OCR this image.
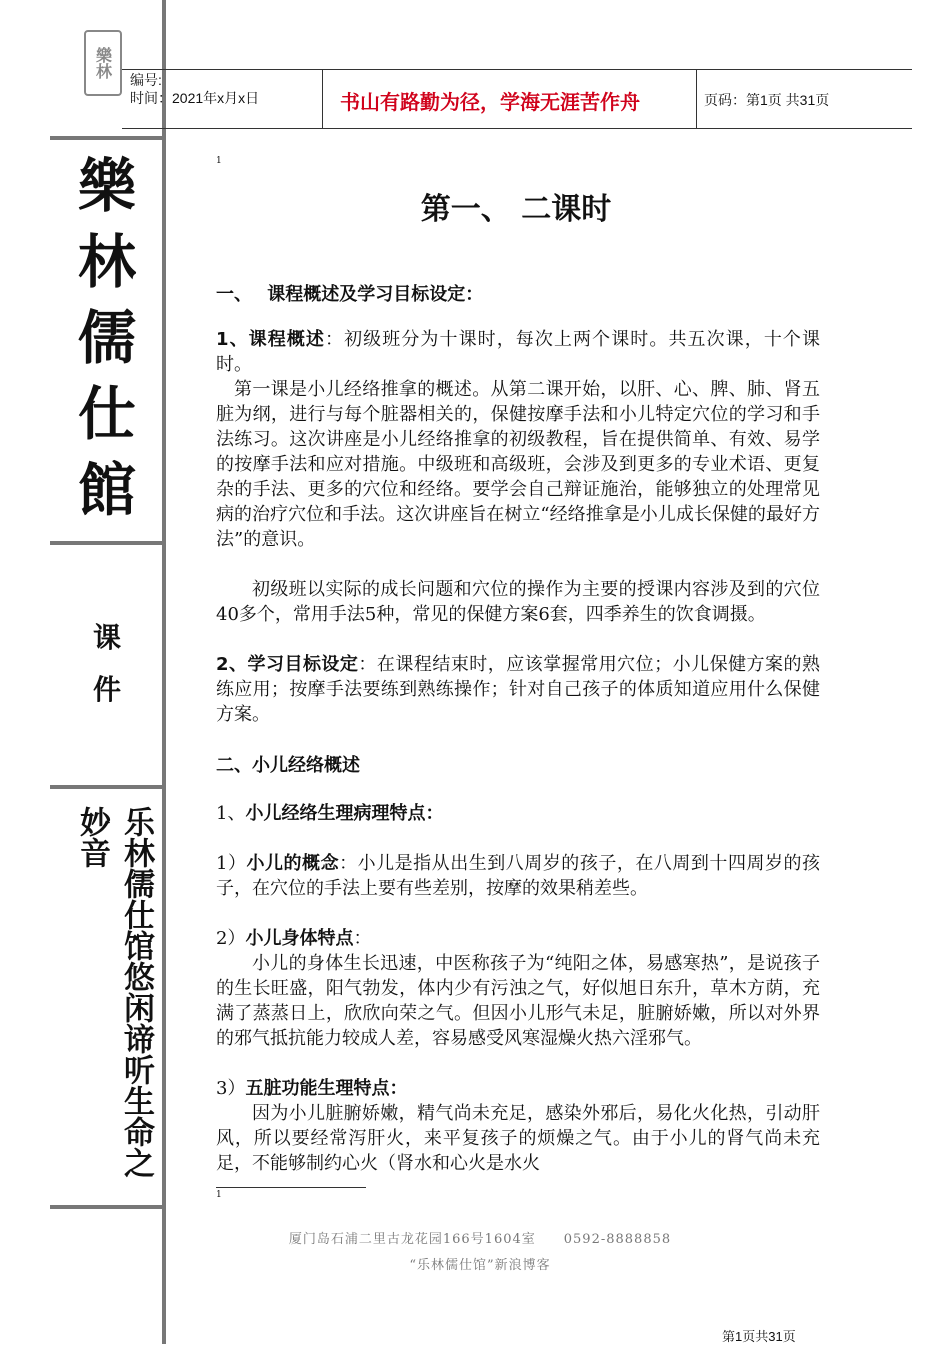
樂林
编号:
时间：2021年x月x日	书山有路勤为径，学海无涯苦作舟	页码：第1页 共31页
樂
林
儒
仕
館
课
件
乐林儒仕馆悠闲谛听生命之妙音
1
第一、 二课时
一、　 课程概述及学习目标设定：
1、课程概述：初级班分为十课时，每次上两个课时。共五次课，十个课时。
第一课是小儿经络推拿的概述。从第二课开始，以肝、心、脾、肺、肾五脏为纲，进行与每个脏器相关的，保健按摩手法和小儿特定穴位的学习和手法练习。这次讲座是小儿经络推拿的初级教程，旨在提供简单、有效、易学的按摩手法和应对措施。中级班和高级班，会涉及到更多的专业术语、更复杂的手法、更多的穴位和经络。要学会自己辩证施治，能够独立的处理常见病的治疗穴位和手法。这次讲座旨在树立“经络推拿是小儿成长保健的最好方法”的意识。
初级班以实际的成长问题和穴位的操作为主要的授课内容涉及到的穴位40多个，常用手法5种，常见的保健方案6套，四季养生的饮食调摄。
2、学习目标设定：在课程结束时，应该掌握常用穴位；小儿保健方案的熟练应用；按摩手法要练到熟练操作；针对自己孩子的体质知道应用什么保健方案。
二、小儿经络概述
1、小儿经络生理病理特点：
1）小儿的概念：小儿是指从出生到八周岁的孩子，在八周到十四周岁的孩子，在穴位的手法上要有些差别，按摩的效果稍差些。
2）小儿身体特点：
小儿的身体生长迅速，中医称孩子为“纯阳之体，易感寒热”，是说孩子的生长旺盛，阳气勃发，体内少有污浊之气，好似旭日东升，草木方荫，充满了蒸蒸日上，欣欣向荣之气。但因小儿形气未足，脏腑娇嫩，所以对外界的邪气抵抗能力较成人差，容易感受风寒湿燥火热六淫邪气。
3）五脏功能生理特点：
因为小儿脏腑娇嫩，精气尚未充足，感染外邪后，易化火化热，引动肝风，所以要经常泻肝火，来平复孩子的烦燥之气。由于小儿的肾气尚未充足，不能够制约心火（肾水和心火是水火
1
厦门岛石浦二里古龙花园166号1604室　　0592-8888858
“乐林儒仕馆”新浪博客
第1页共31页
